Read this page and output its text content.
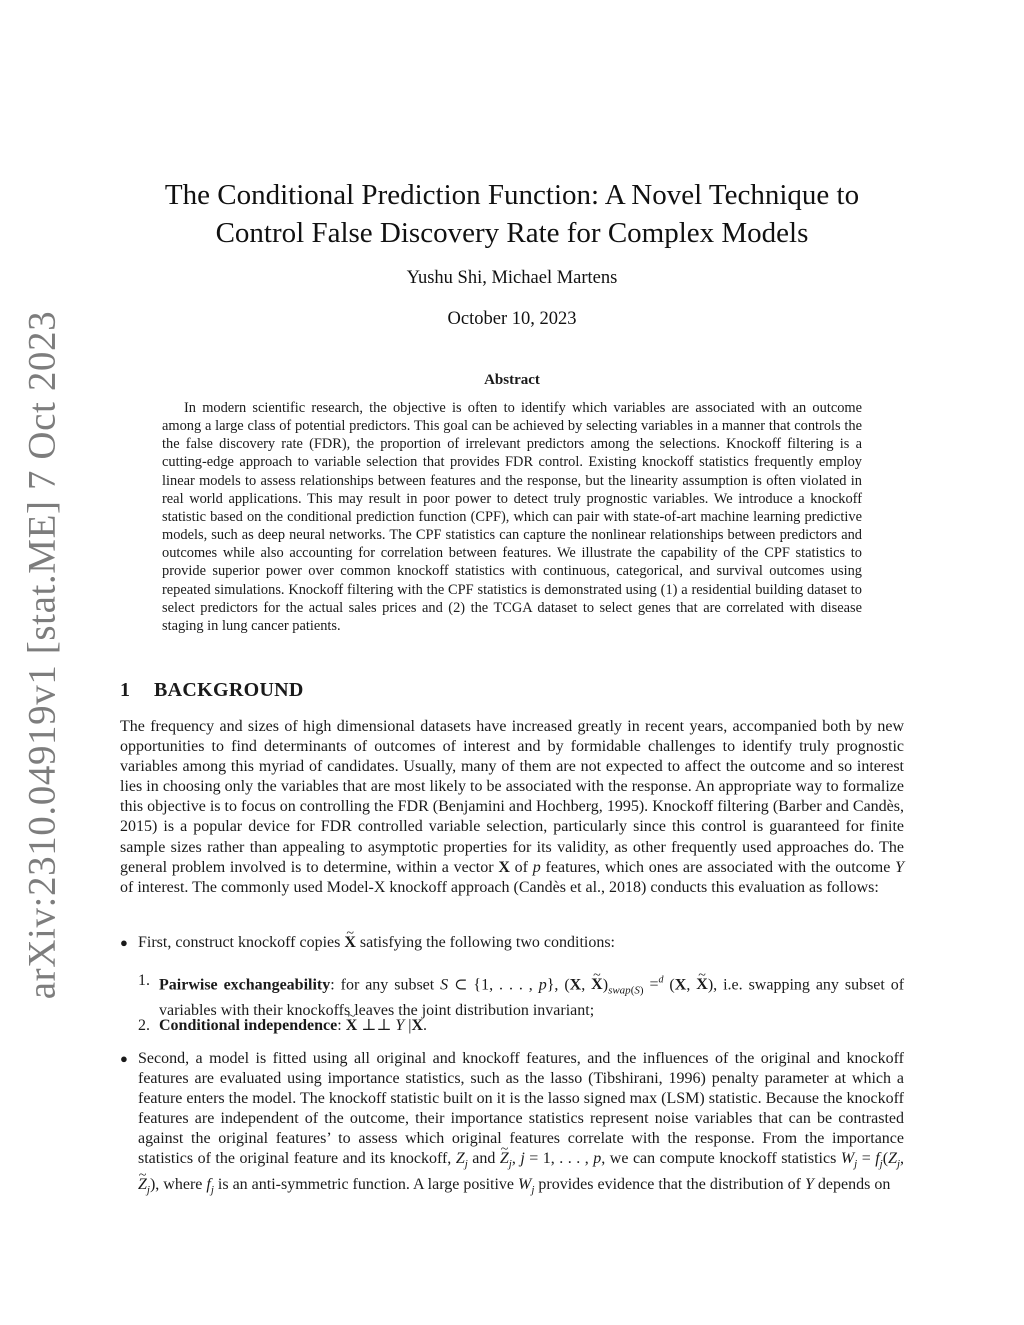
arXiv:2310.04919v1 [stat.ME] 7 Oct 2023
The Conditional Prediction Function: A Novel Technique to
Control False Discovery Rate for Complex Models
Yushu Shi, Michael Martens
October 10, 2023
Abstract

In modern scientific research, the objective is often to identify which variables are associated with an outcome among a large class of potential predictors. This goal can be achieved by selecting variables in a manner that controls the the false discovery rate (FDR), the proportion of irrelevant predictors among the selections. Knockoff filtering is a cutting-edge approach to variable selection that provides FDR control. Existing knockoff statistics frequently employ linear models to assess relationships between features and the response, but the linearity assumption is often violated in real world applications. This may result in poor power to detect truly prognostic variables. We introduce a knockoff statistic based on the conditional prediction function (CPF), which can pair with state-of-art machine learning predictive models, such as deep neural networks. The CPF statistics can capture the nonlinear relationships between predictors and outcomes while also accounting for correlation between features. We illustrate the capability of the CPF statistics to provide superior power over common knockoff statistics with continuous, categorical, and survival outcomes using repeated simulations. Knockoff filtering with the CPF statistics is demonstrated using (1) a residential building dataset to select predictors for the actual sales prices and (2) the TCGA dataset to select genes that are correlated with disease staging in lung cancer patients.

1 BACKGROUND

The frequency and sizes of high dimensional datasets have increased greatly in recent years, accompanied both by new opportunities to find determinants of outcomes of interest and by formidable challenges to identify truly prognostic variables among this myriad of candidates. Usually, many of them are not expected to affect the outcome and so interest lies in choosing only the variables that are most likely to be associated with the response. An appropriate way to formalize this objective is to focus on controlling the FDR (Benjamini and Hochberg, 1995). Knockoff filtering (Barber and Candès, 2015) is a popular device for FDR controlled variable selection, particularly since this control is guaranteed for finite sample sizes rather than appealing to asymptotic properties for its validity, as other frequently used approaches do. The general problem involved is to determine, within a vector X of p features, which ones are associated with the outcome Y of interest. The commonly used Model-X knockoff approach (Candès et al., 2018) conducts this evaluation as follows:

● First, construct knockoff copies ~ X satisfying the following two conditions:
1. Pairwise exchangeability: for any subset S ⊂ {1, . . . , p}, (X, ~ $X)_{swap(S)} =^d$ (X, ~ X), i.e. swapping any subset of variables with their knockoffs leaves the joint distribution invariant;
2. Conditional independence: ~ X ⊥⊥ Y |X.
● Second, a model is fitted using all original and knockoff features, and the influences of the original and knockoff features are evaluated using importance statistics, such as the lasso (Tibshirani, 1996) penalty parameter at which a feature enters the model. The knockoff statistic built on it is the lasso signed max (LSM) statistic. Because the knockoff features are independent of the outcome, their importance statistics represent noise variables that can be contrasted against the original features’ to assess which original features correlate with the response. From the importance statistics of the original feature and its knockoff, $Z_j$ and ~ $Z_j$, j = 1, . . . , p, we can compute knockoff statistics $W_j = f_j(Z_j$, ~ $Z_j$), where $f_j$ is an anti-symmetric function. A large positive $W_j$ provides evidence that the distribution of Y depends on
